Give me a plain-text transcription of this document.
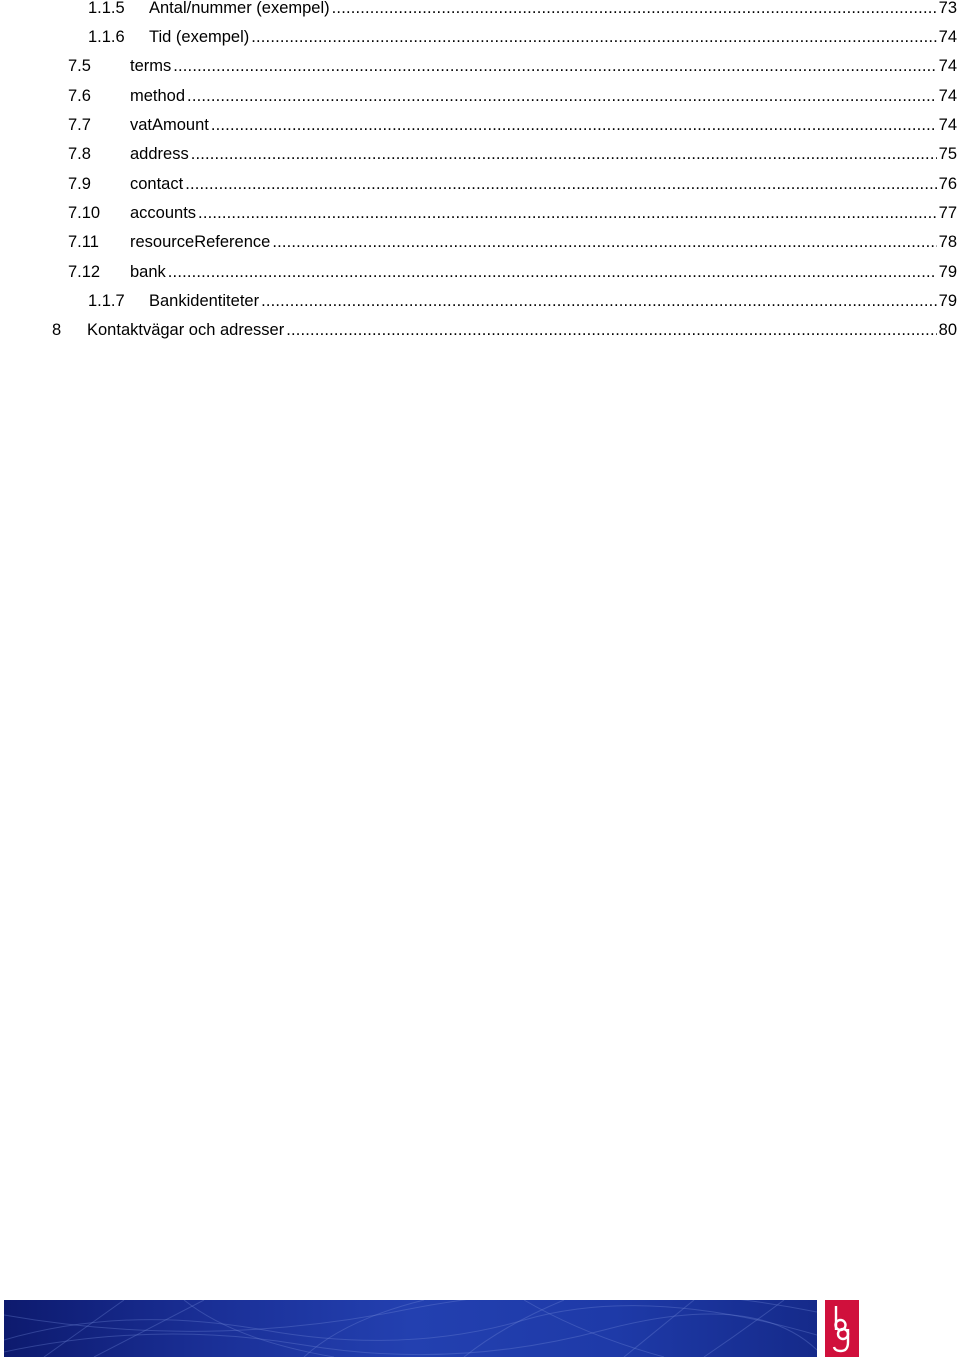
1.1.5 Antal/nummer (exempel) . . .	73
1.1.6 Tid (exempel) . . .	74
7.5 terms . . .	74
7.6 method . . .	74
7.7 vatAmount . . .	74
7.8 address . . .	75
7.9 contact . . .	76
7.10 accounts . . .	77
7.11 resourceReference . . .	78
7.12 bank . . .	79
1.1.7 Bankidentiteter . . .	79
8 Kontaktvägar och adresser . . .	80
